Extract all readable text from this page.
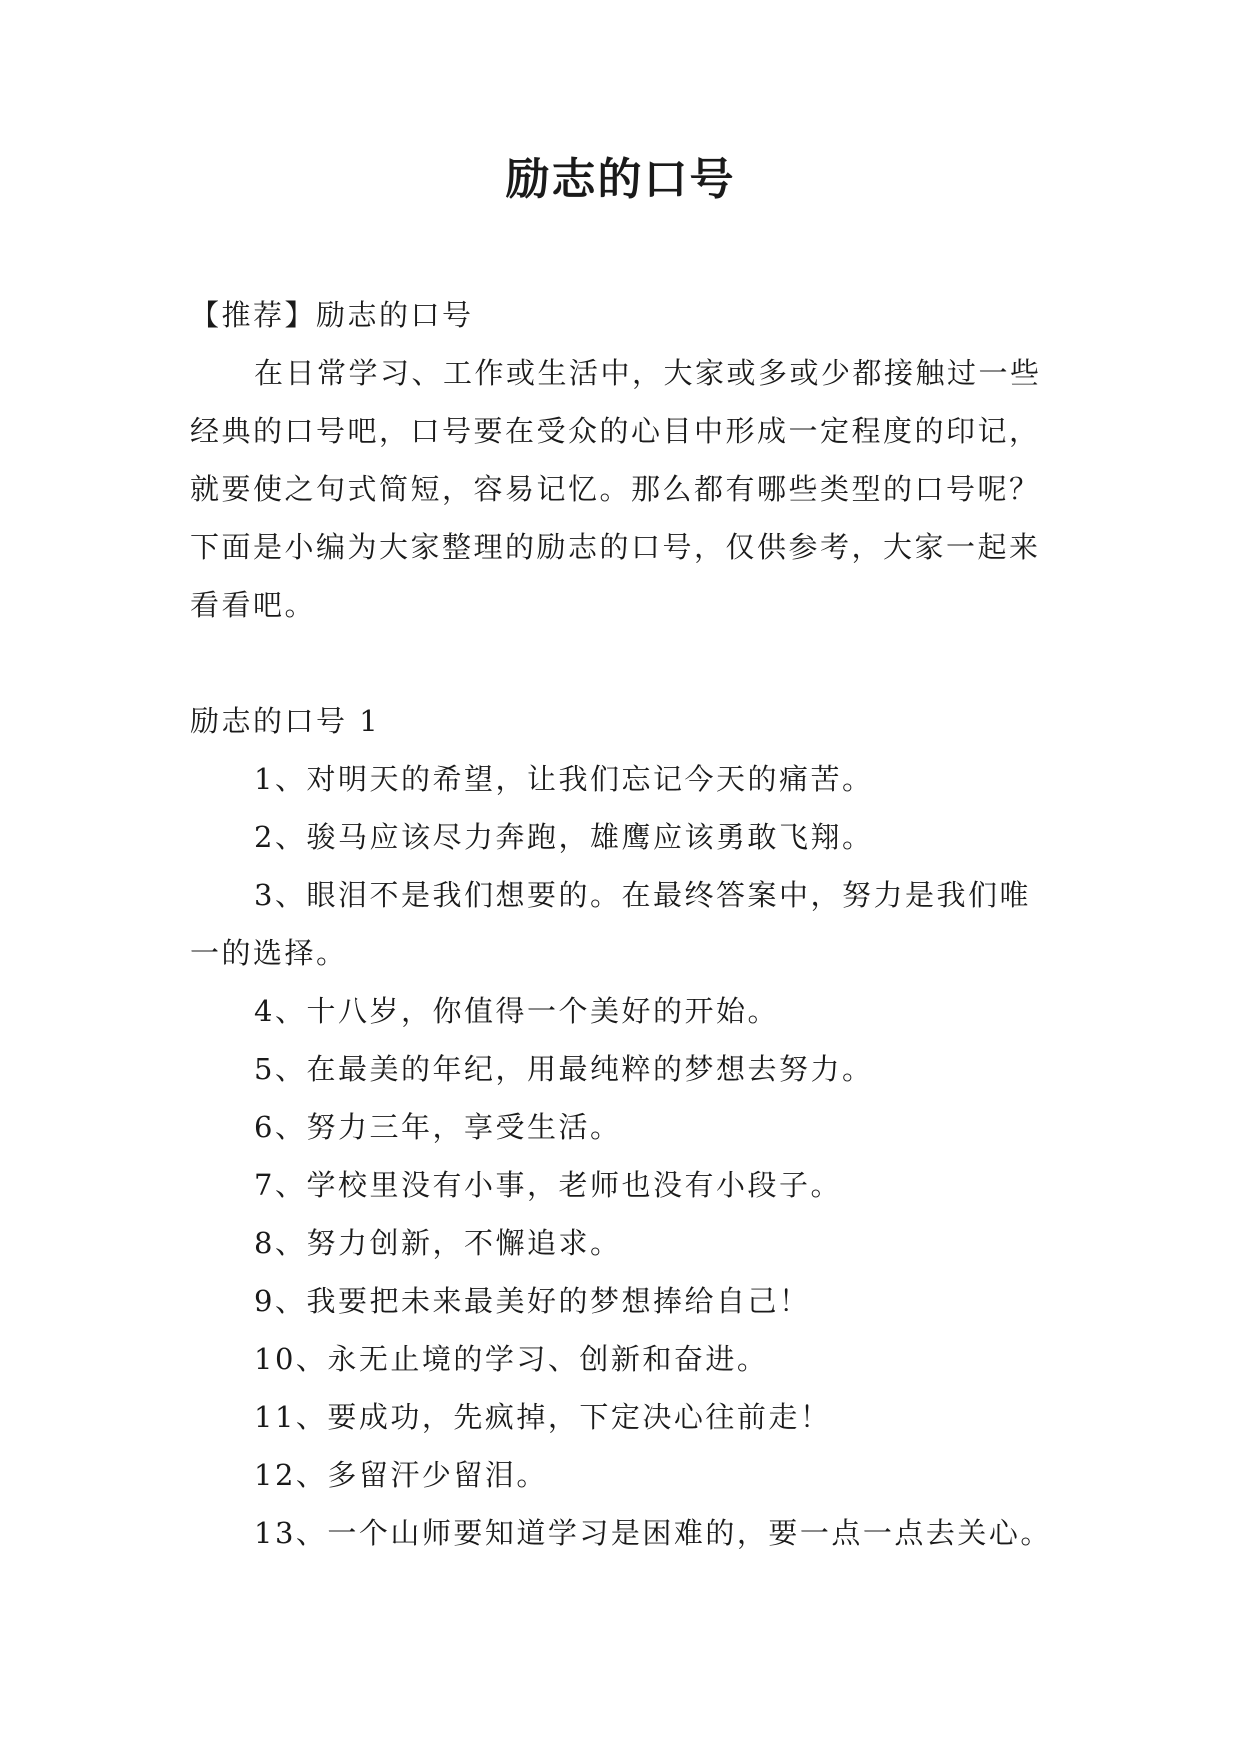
励志的口号

【推荐】励志的口号

在日常学习、工作或生活中，大家或多或少都接触过一些经典的口号吧，口号要在受众的心目中形成一定程度的印记，就要使之句式简短，容易记忆。那么都有哪些类型的口号呢？下面是小编为大家整理的励志的口号，仅供参考，大家一起来看看吧。

励志的口号 1

1、对明天的希望，让我们忘记今天的痛苦。

2、骏马应该尽力奔跑，雄鹰应该勇敢飞翔。

3、眼泪不是我们想要的。在最终答案中，努力是我们唯一的选择。

4、十八岁，你值得一个美好的开始。

5、在最美的年纪，用最纯粹的梦想去努力。

6、努力三年，享受生活。

7、学校里没有小事，老师也没有小段子。

8、努力创新，不懈追求。

9、我要把未来最美好的梦想捧给自己！

10、永无止境的学习、创新和奋进。

11、要成功，先疯掉，下定决心往前走！

12、多留汗少留泪。

13、一个山师要知道学习是困难的，要一点一点去关心。
